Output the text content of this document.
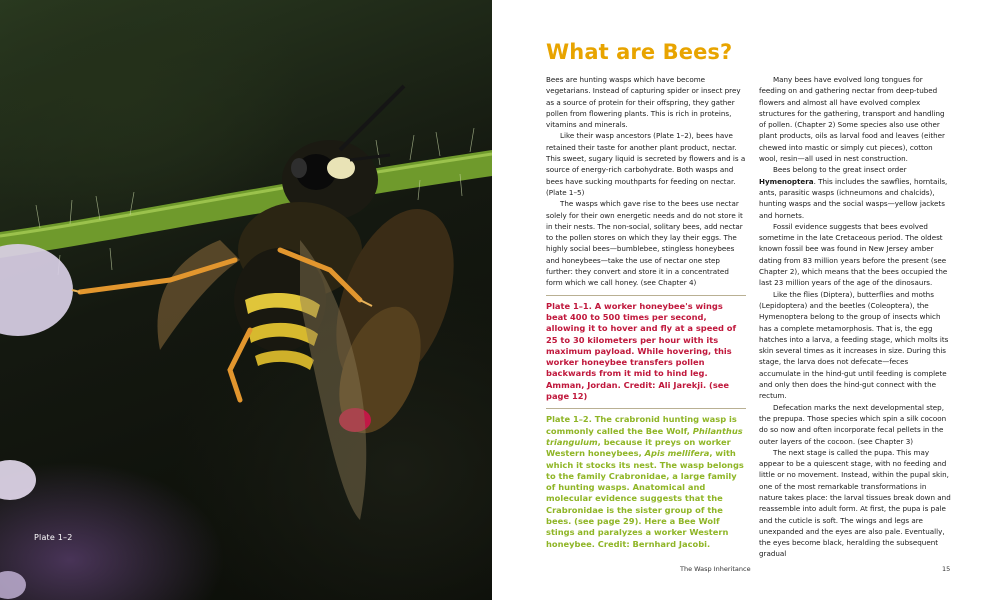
Plate 1–2
What are Bees?

Bees are hunting wasps which have become vegetarians. Instead of capturing spider or insect prey as a source of protein for their offspring, they gather pollen from flowering plants. This is rich in proteins, vitamins and minerals.

Like their wasp ancestors (Plate 1–2), bees have retained their taste for another plant product, nectar. This sweet, sugary liquid is secreted by flowers and is a source of energy-rich carbohydrate. Both wasps and bees have sucking mouthparts for feeding on nectar. (Plate 1–5)

The wasps which gave rise to the bees use nectar solely for their own energetic needs and do not store it in their nests. The non-social, solitary bees, add nectar to the pollen stores on which they lay their eggs. The highly social bees—bumblebee, stingless honeybees and honeybees—take the use of nectar one step further: they convert and store it in a concentrated form which we call honey. (see Chapter 4)

Plate 1–1. A worker honeybee's wings beat 400 to 500 times per second, allowing it to hover and fly at a speed of 25 to 30 kilometers per hour with its maximum payload. While hovering, this worker honeybee transfers pollen backwards from it mid to hind leg. Amman, Jordan. Credit: Ali Jarekji. (see page 12)
Plate 1–2. The crabronid hunting wasp is commonly called the Bee Wolf, Philanthus triangulum, because it preys on worker Western honeybees, Apis mellifera, with which it stocks its nest. The wasp belongs to the family Crabronidae, a large family of hunting wasps. Anatomical and molecular evidence suggests that the Crabronidae is the sister group of the bees. (see page 29). Here a Bee Wolf stings and paralyzes a worker Western honeybee. Credit: Bernhard Jacobi.

Many bees have evolved long tongues for feeding on and gathering nectar from deep-tubed flowers and almost all have evolved complex structures for the gathering, transport and handling of pollen. (Chapter 2) Some species also use other plant products, oils as larval food and leaves (either chewed into mastic or simply cut pieces), cotton wool, resin—all used in nest construction.

Bees belong to the great insect order Hymenoptera. This includes the sawflies, horntails, ants, parasitic wasps (ichneumons and chalcids), hunting wasps and the social wasps—yellow jackets and hornets.

Fossil evidence suggests that bees evolved sometime in the late Cretaceous period. The oldest known fossil bee was found in New Jersey amber dating from 83 million years before the present (see Chapter 2), which means that the bees occupied the last 23 million years of the age of the dinosaurs.

Like the flies (Diptera), butterflies and moths (Lepidoptera) and the beetles (Coleoptera), the Hymenoptera belong to the group of insects which has a complete metamorphosis. That is, the egg hatches into a larva, a feeding stage, which molts its skin several times as it increases in size. During this stage, the larva does not defecate—feces accumulate in the hind-gut until feeding is complete and only then does the hind-gut connect with the rectum.

Defecation marks the next developmental step, the prepupa. Those species which spin a silk cocoon do so now and often incorporate fecal pellets in the outer layers of the cocoon. (see Chapter 3)

The next stage is called the pupa. This may appear to be a quiescent stage, with no feeding and little or no movement. Instead, within the pupal skin, one of the most remarkable transformations in nature takes place: the larval tissues break down and reassemble into adult form. At first, the pupa is pale and the cuticle is soft. The wings and legs are unexpanded and the eyes are also pale. Eventually, the eyes become black, heralding the subsequent gradual

The Wasp Inheritance	15
